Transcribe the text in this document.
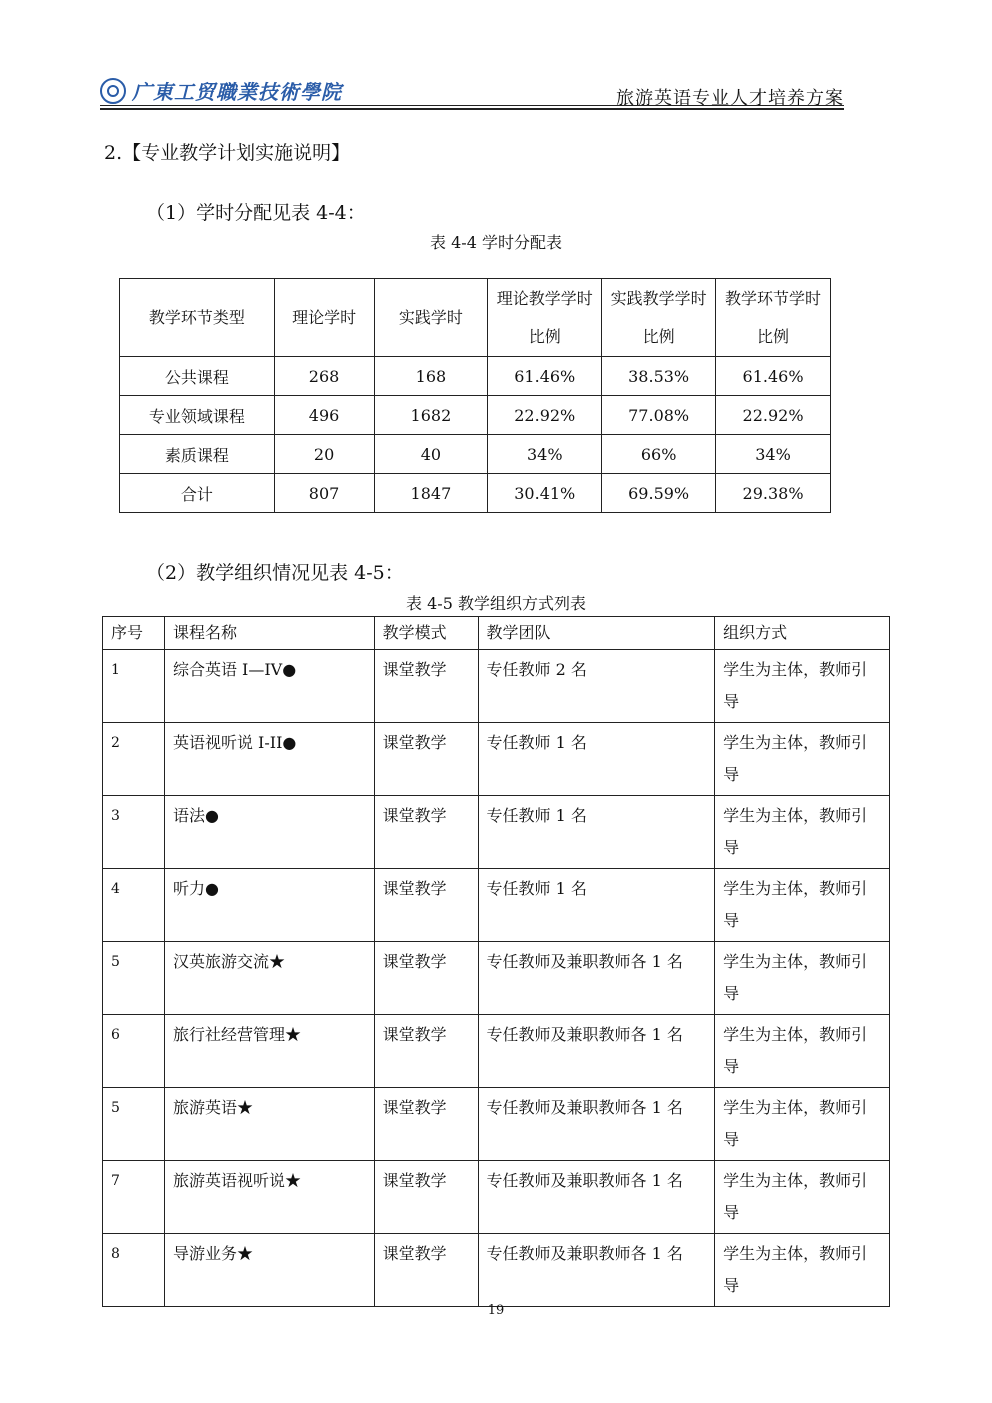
广東工贸職業技術學院	旅游英语专业人才培养方案
2.【专业教学计划实施说明】
（1）学时分配见表 4-4：
表 4-4 学时分配表
教学环节类型	理论学时	实践学时	理论教学学时比例	实践教学学时比例	教学环节学时比例
公共课程	268	168	61.46%	38.53%	61.46%
专业领域课程	496	1682	22.92%	77.08%	22.92%
素质课程	20	40	34%	66%	34%
合计	807	1847	30.41%	69.59%	29.38%
（2）教学组织情况见表 4-5：
表 4-5 教学组织方式列表
序号	课程名称	教学模式	教学团队	组织方式
1	综合英语 I—IV●	课堂教学	专任教师 2 名	学生为主体，教师引导
2	英语视听说 I-II●	课堂教学	专任教师 1 名	学生为主体，教师引导
3	语法●	课堂教学	专任教师 1 名	学生为主体，教师引导
4	听力●	课堂教学	专任教师 1 名	学生为主体，教师引导
5	汉英旅游交流★	课堂教学	专任教师及兼职教师各 1 名	学生为主体，教师引导
6	旅行社经营管理★	课堂教学	专任教师及兼职教师各 1 名	学生为主体，教师引导
5	旅游英语★	课堂教学	专任教师及兼职教师各 1 名	学生为主体，教师引导
7	旅游英语视听说★	课堂教学	专任教师及兼职教师各 1 名	学生为主体，教师引导
8	导游业务★	课堂教学	专任教师及兼职教师各 1 名	学生为主体，教师引导
19
